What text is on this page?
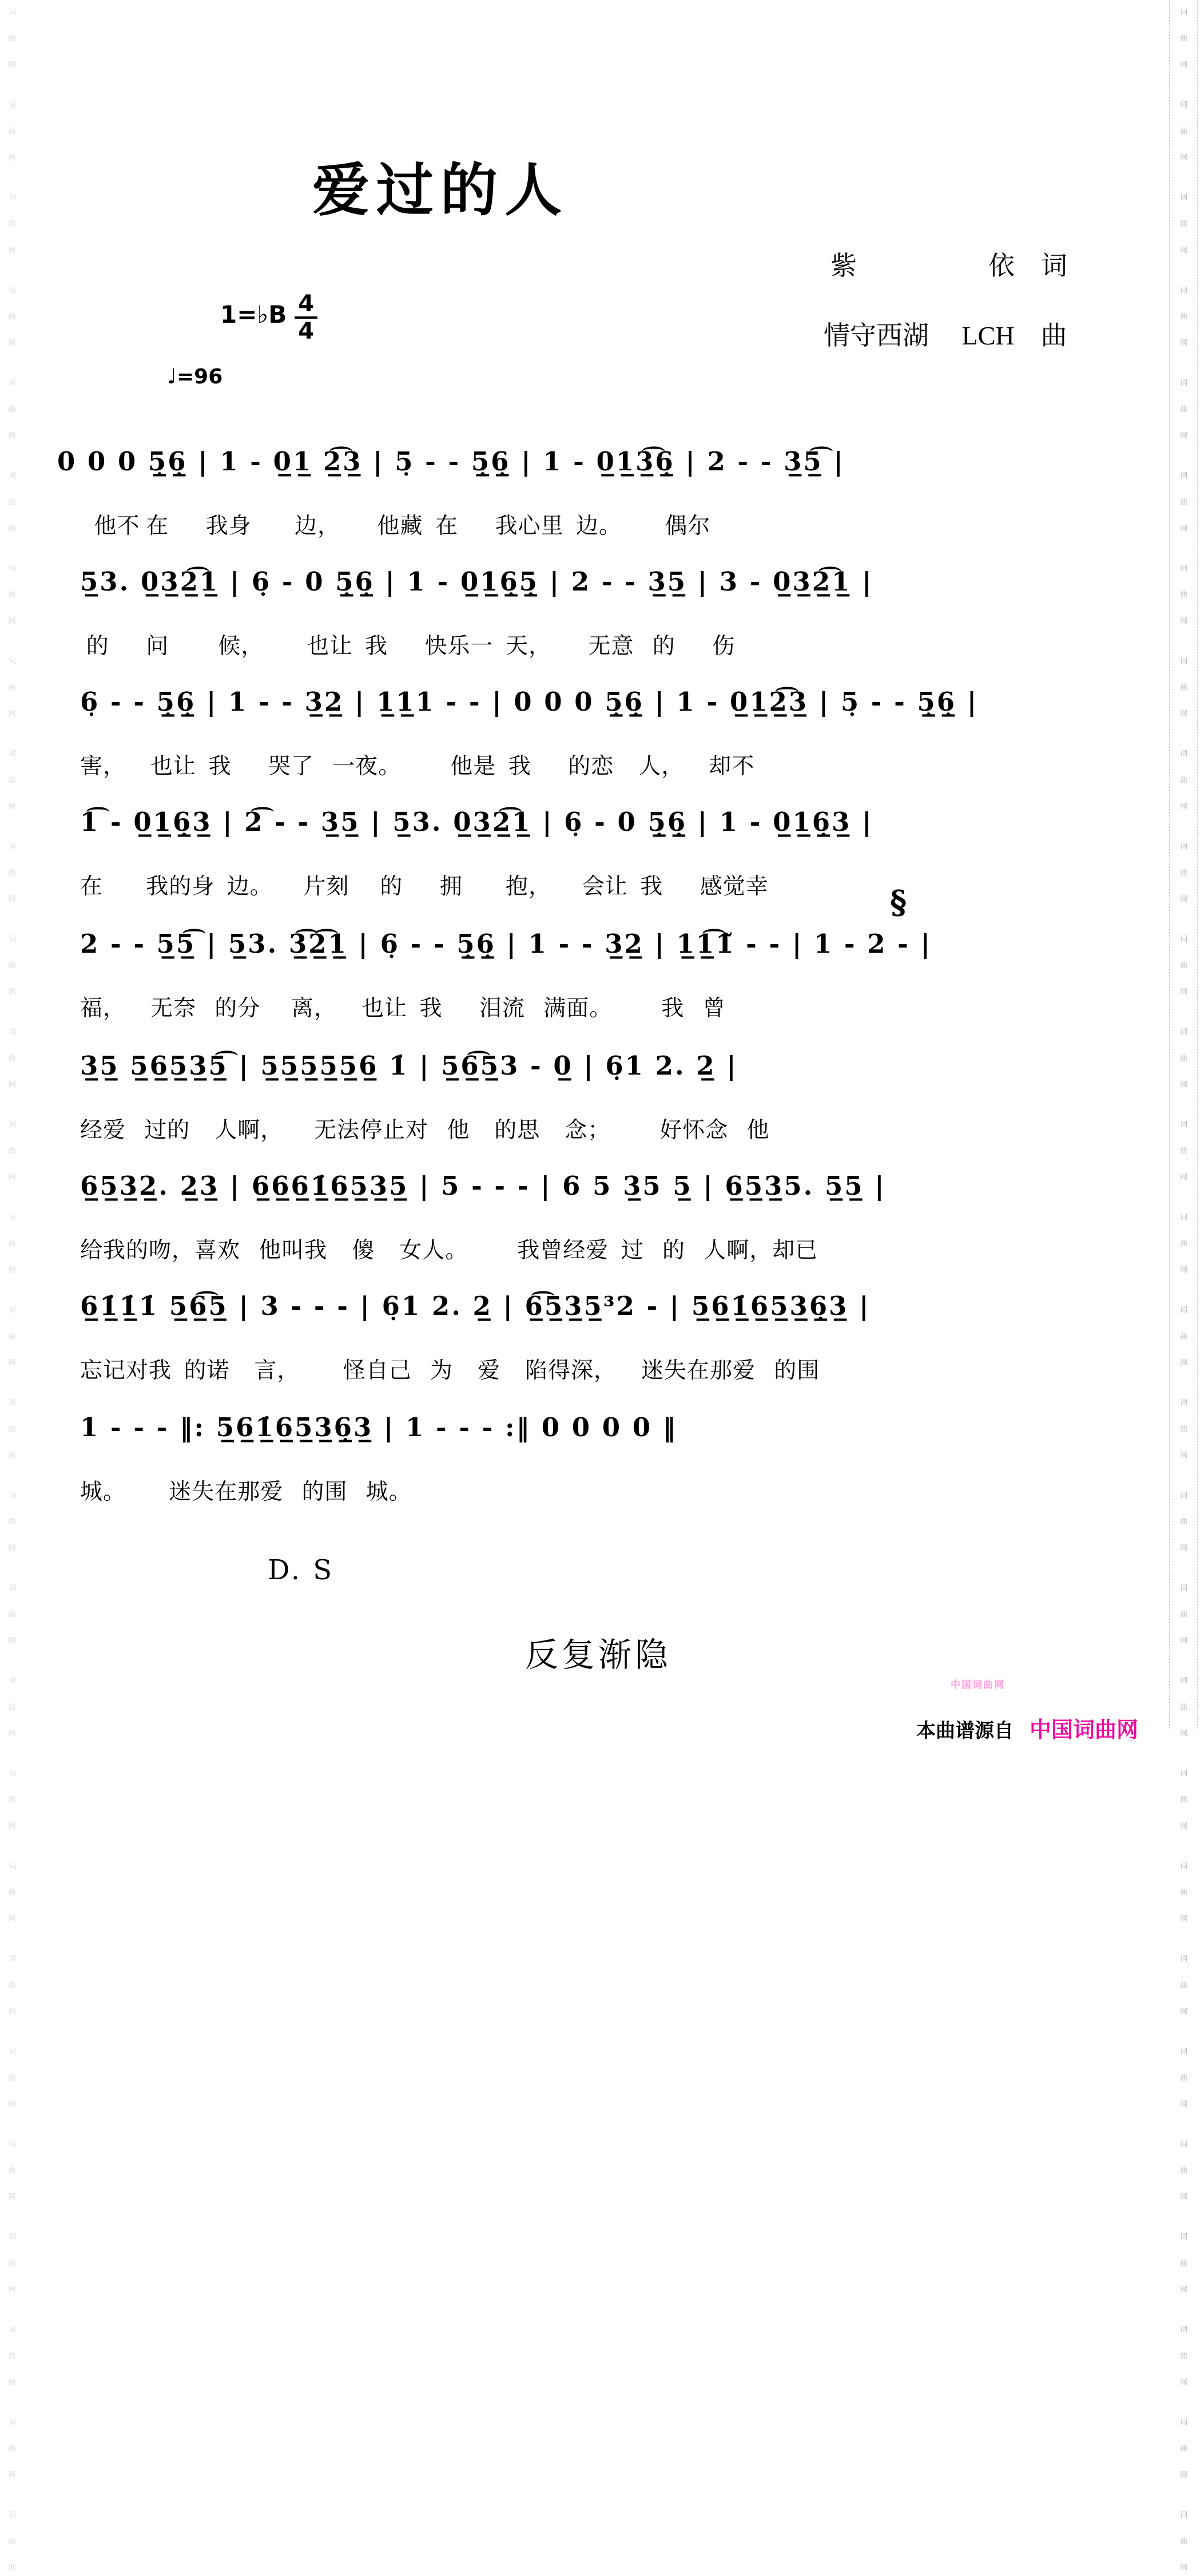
词 曲 网  词 曲 网  词 曲 网  词 曲 网  词 曲 网  词 曲 网  词 曲 网  词 曲 网  词 曲 网  词 曲 网  词 曲 网  词 曲 网  词 曲 网  词 曲 网  词 曲 网  词 曲 网  词 曲 网  词 曲 网  词 曲 网  词 曲 网  词 曲 网  词 曲 网  词 曲 网  词 曲 网  词 曲 网  词 曲 网  词 曲 网  词 曲 网	词 曲 网  词 曲 网  词 曲 网  词 曲 网  词 曲 网  词 曲 网  词 曲 网  词 曲 网  词 曲 网  词 曲 网  词 曲 网  词 曲 网  词 曲 网  词 曲 网  词 曲 网  词 曲 网  词 曲 网  词 曲 网  词 曲 网  词 曲 网  词 曲 网  词 曲 网  词 曲 网  词 曲 网  词 曲 网  词 曲 网  词 曲 网  词 曲 网
爱过的人
紫　　　　　依　词
情守西湖　 LCH　曲
1=♭B $\frac{4}{4}$
♩=96
0 0 0 5̲̣6̲̣ | 1 - 0̲1̲ 2̲͡3̲ | 5̣ - - 5̲̣6̲̣ | 1 - 0̲1̲3̲͡6̲̣ | 2 - - 3̲5̲͡ |
他不 在      我身       边，      他藏  在      我心里  边。       偶尔
5̲3. 0̲3̲2̲͡1̲ | 6̣ - 0 5̲̣6̲̣ | 1 - 0̲1̲6̲̣5̲̣ | 2 - - 3̲5̲ | 3 - 0̲3̲2̲͡1̲ |
的      问        候，       也让  我      快乐一  天，      无意   的      伤
6̣ - - 5̲̣6̲̣ | 1 - - 3̲2̲ | 1̲1̲1 - - | 0 0 0 5̲̣6̲̣ | 1 - 0̲1̲2̲͡3̲ | 5̣ - - 5̲̣6̲̣ |
害，    也让  我      哭了   一夜。        他是  我      的恋    人，    却不
1͡ - 0̲1̲6̲̣3̲ | 2͡ - - 3̲5̲ | 5̲3. 0̲3̲2̲͡1̲ | 6̣ - 0 5̲̣6̲̣ | 1 - 0̲1̲6̲̣3̲ |
在       我的身  边。     片刻     的      拥       抱，     会让  我      感觉幸
2 - - 5̲5̲͡ | 5̲3. 3̲͡2̲͡1̲ | 6̣ - - 5̲̣6̲̣ | 1 - - 3̲2̲ | 1̲1̲͡1̃ - - | 1 - 2 - |
福，    无奈   的分     离，    也让  我      泪流   满面。        我   曾
3̲5̲ 5̲6̲5̲3̲5̲͡ | 5̲5̲5̲5̲5̲6̲ 1̇ | 5̲6̲͡5̲3 - 0̲ | 6̣1 2. 2̲ |
经爱   过的    人啊，     无法停止对   他    的思    念；        好怀念   他
6̲5̲3̲2̲. 2̲3̲ | 6̲6̲6̲1̲̇6̲5̲3̲5̲ | 5 - - - | 6 5 3̲5 5̲ | 6̲5̲3̲5. 5̲5̲ |
给我的吻，喜欢   他叫我    傻    女人。        我曾经爱  过   的   人啊，却已
6̲1̲̇1̲̇1̇ 5̲6̲͡5̲ | 3 - - - | 6̣1 2. 2̲ | 6̲͡5̲3̲5̲³2 - | 5̲6̲1̲̇6̲5̲3̲6̲̣3̲ |
忘记对我  的诺    言，       怪自己   为    爱    陷得深，    迷失在那爱   的围
1 - - - ‖: 5̲6̲1̲̇6̲5̲3̲6̲̣3̲ | 1 - - - :‖ 0 0 0 0 ‖
城。       迷失在那爱   的围   城。
§
D. S
反复渐隐
中国词曲网

本曲谱源自 中国词曲网
